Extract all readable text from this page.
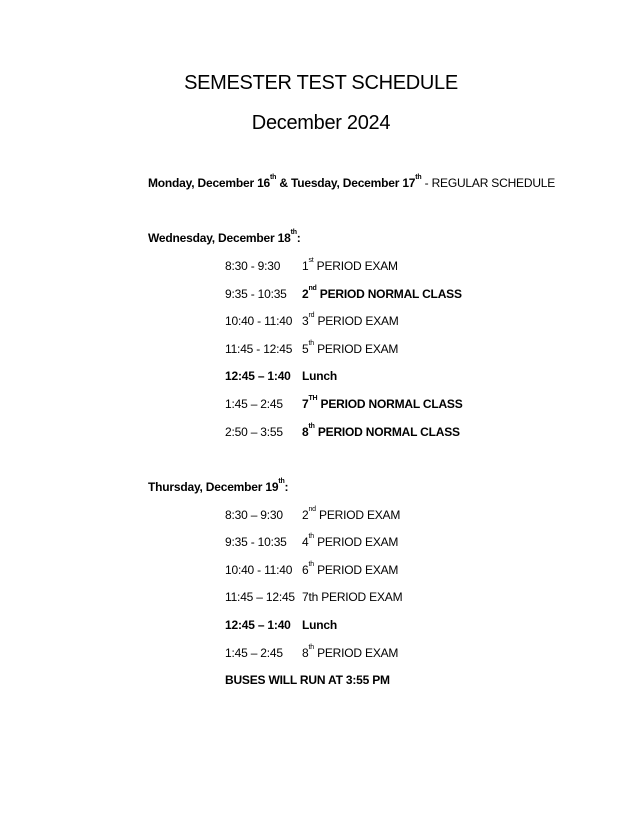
SEMESTER TEST SCHEDULE
December 2024
Monday, December 16th & Tuesday, December 17th - REGULAR SCHEDULE
Wednesday, December 18th:
8:30 - 9:30 1st PERIOD EXAM
9:35 - 10:35 2nd PERIOD NORMAL CLASS
10:40 - 11:40 3rd PERIOD EXAM
11:45 - 12:45 5th PERIOD EXAM
12:45 – 1:40 Lunch
1:45 – 2:45 7TH PERIOD NORMAL CLASS
2:50 – 3:55 8th PERIOD NORMAL CLASS
Thursday, December 19th:
8:30 – 9:30 2nd PERIOD EXAM
9:35 - 10:35 4th PERIOD EXAM
10:40 - 11:40 6th PERIOD EXAM
11:45 – 12:45 7th PERIOD EXAM
12:45 – 1:40 Lunch
1:45 – 2:45 8th PERIOD EXAM
BUSES WILL RUN AT 3:55 PM
